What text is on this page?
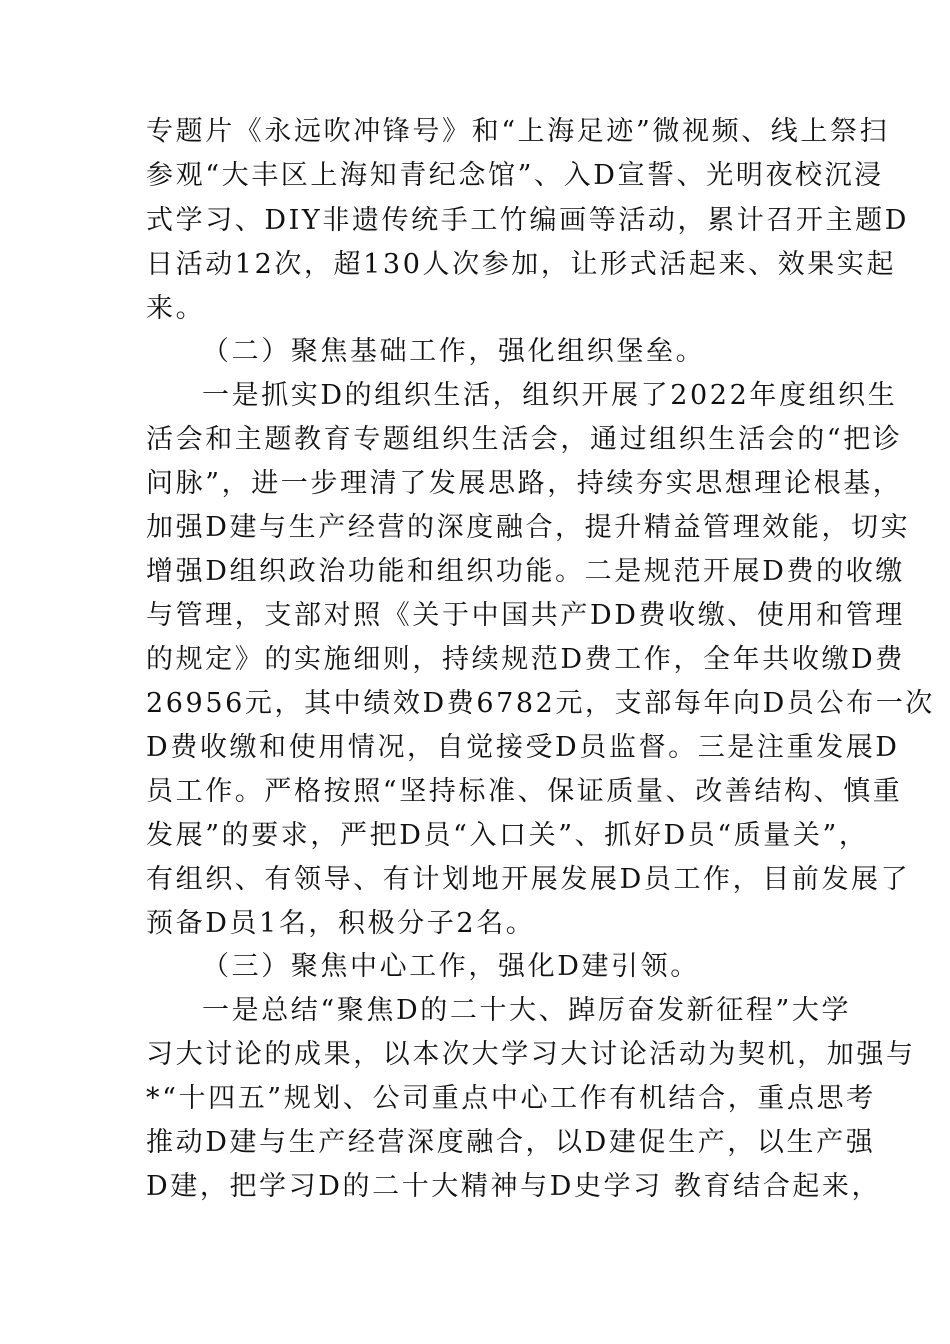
专题片《永远吹冲锋号》和“上海足迹”微视频、线上祭扫
参观“大丰区上海知青纪念馆”、入D宣誓、光明夜校沉浸
式学习、DIY非遗传统手工竹编画等活动，累计召开主题D
日活动12次，超130人次参加，让形式活起来、效果实起
来。
（二）聚焦基础工作，强化组织堡垒。
一是抓实D的组织生活，组织开展了2022年度组织生
活会和主题教育专题组织生活会，通过组织生活会的“把诊
问脉”，进一步理清了发展思路，持续夯实思想理论根基，
加强D建与生产经营的深度融合，提升精益管理效能，切实
增强D组织政治功能和组织功能。二是规范开展D费的收缴
与管理，支部对照《关于中国共产DD费收缴、使用和管理
的规定》的实施细则，持续规范D费工作，全年共收缴D费
26956元，其中绩效D费6782元，支部每年向D员公布一次
D费收缴和使用情况，自觉接受D员监督。三是注重发展D
员工作。严格按照“坚持标准、保证质量、改善结构、慎重
发展”的要求，严把D员“入口关”、抓好D员“质量关”，
有组织、有领导、有计划地开展发展D员工作，目前发展了
预备D员1名，积极分子2名。
（三）聚焦中心工作，强化D建引领。
一是总结“聚焦D的二十大、踔厉奋发新征程”大学
习大讨论的成果，以本次大学习大讨论活动为契机，加强与
*“十四五”规划、公司重点中心工作有机结合，重点思考
推动D建与生产经营深度融合，以D建促生产，以生产强
D建，把学习D的二十大精神与D史学习 教育结合起来，
